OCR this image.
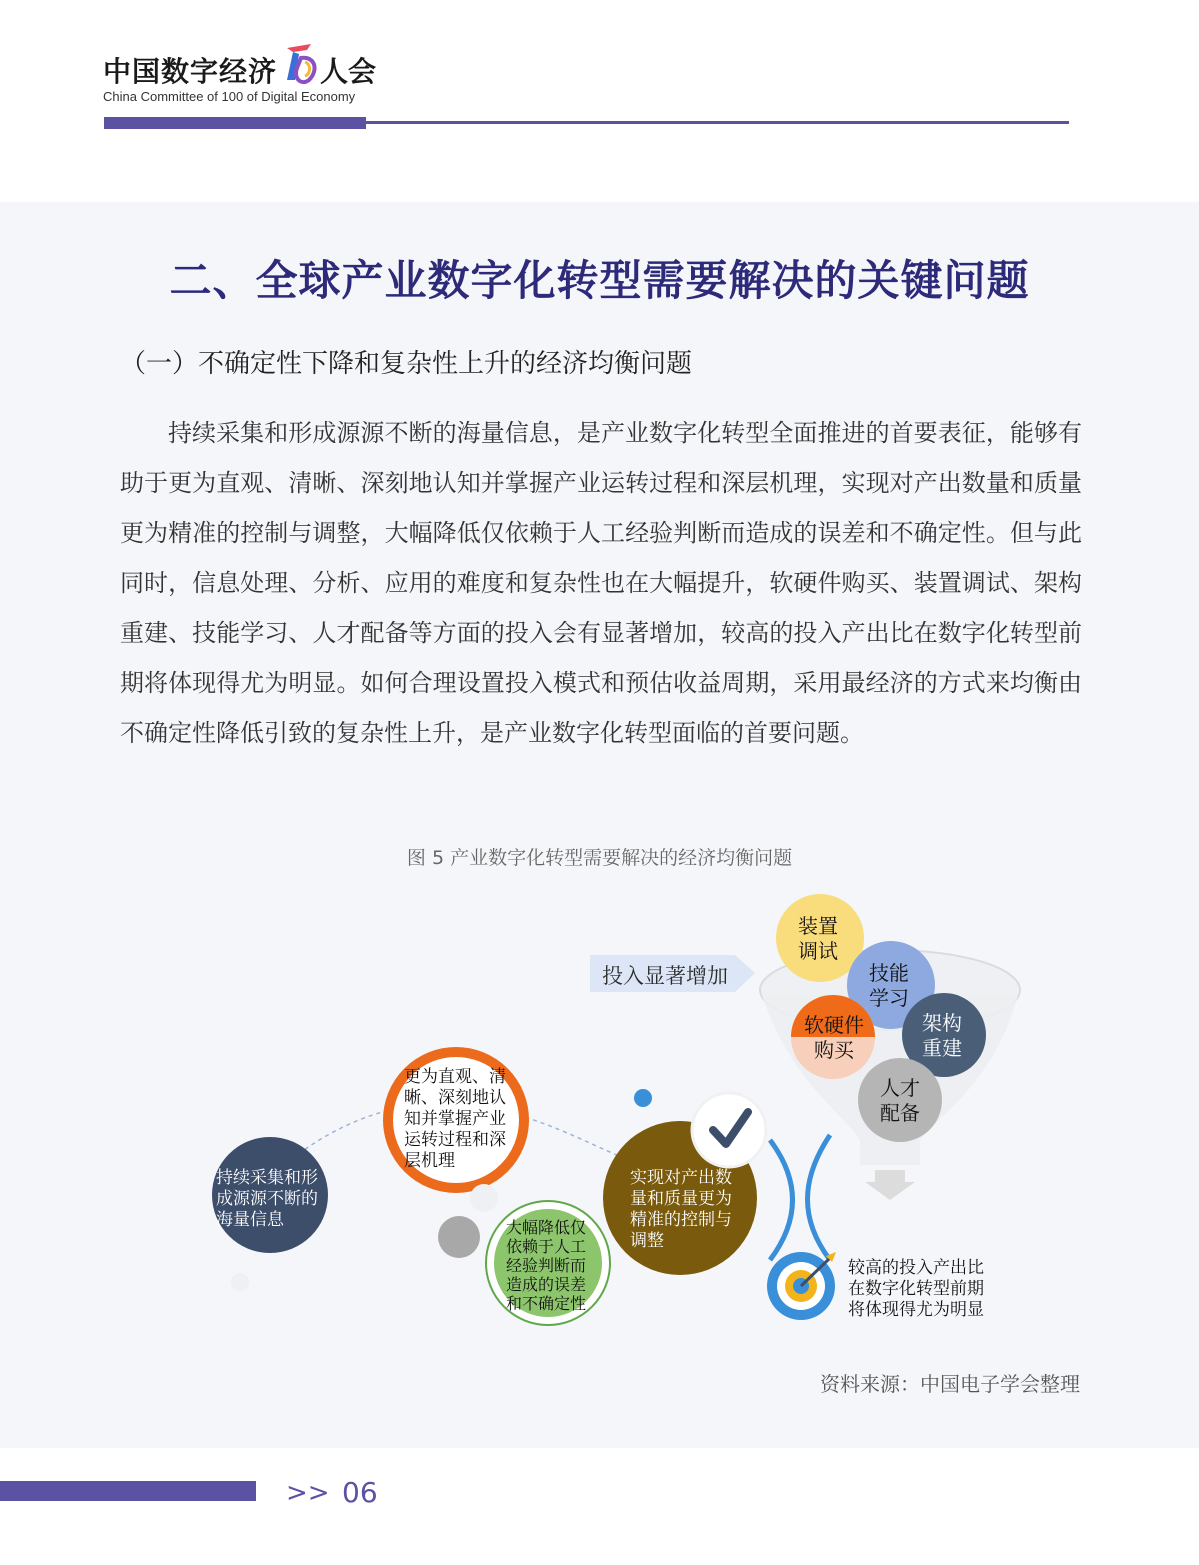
中国数字经济 人会
China Committee of 100 of Digital Economy
二、全球产业数字化转型需要解决的关键问题
（一）不确定性下降和复杂性上升的经济均衡问题

持续采集和形成源源不断的海量信息，是产业数字化转型全面推进的首要表征，能够有助于更为直观、清晰、深刻地认知并掌握产业运转过程和深层机理，实现对产出数量和质量更为精准的控制与调整，大幅降低仅依赖于人工经验判断而造成的误差和不确定性。但与此同时，信息处理、分析、应用的难度和复杂性也在大幅提升，软硬件购买、装置调试、架构重建、技能学习、人才配备等方面的投入会有显著增加，较高的投入产出比在数字化转型前期将体现得尤为明显。如何合理设置投入模式和预估收益周期，采用最经济的方式来均衡由不确定性降低引致的复杂性上升，是产业数字化转型面临的首要问题。

图 5 产业数字化转型需要解决的经济均衡问题
投入显著增加
装置
调试
技能
学习
架构
重建
软硬件
购买
人才
配备
持续采集和形
成源源不断的
海量信息
更为直观、清
晰、深刻地认
知并掌握产业
运转过程和深
层机理
大幅降低仅
依赖于人工
经验判断而
造成的误差
和不确定性
实现对产出数
量和质量更为
精准的控制与
调整
较高的投入产出比
在数字化转型前期
将体现得尤为明显
资料来源：中国电子学会整理
>> 06
